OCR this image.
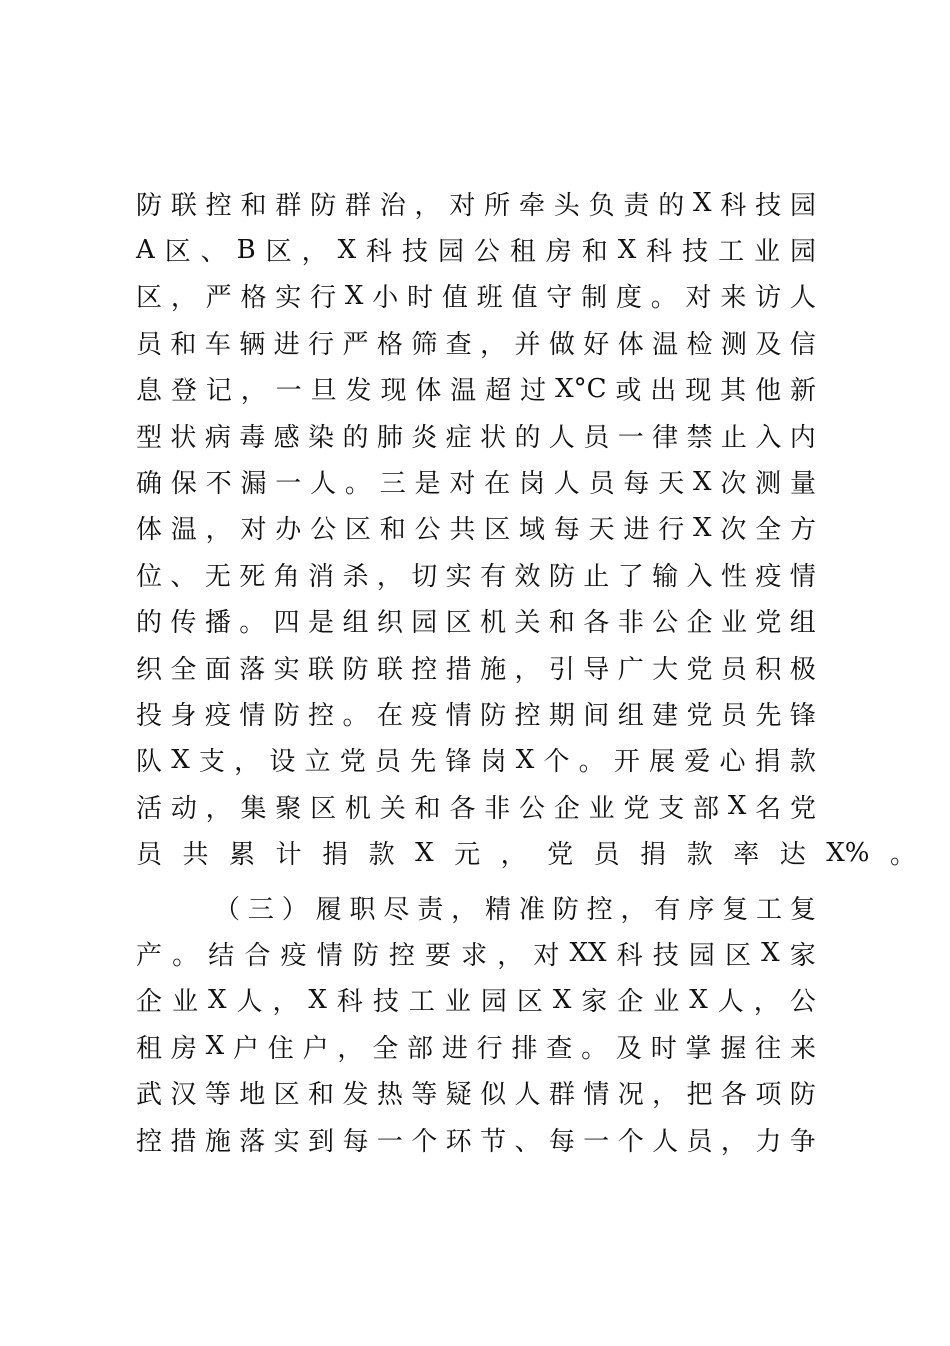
防 联 控 和 群 防 群 治 ， 对 所 牵 头 负 责 的 X 科 技 园
A 区 、 B 区 ， X 科 技 园 公 租 房 和 X 科 技 工 业 园
区 ， 严 格 实 行 X 小 时 值 班 值 守 制 度 。 对 来 访 人
员 和 车 辆 进 行 严 格 筛 查 ， 并 做 好 体 温 检 测 及 信
息 登 记 ， 一 旦 发 现 体 温 超 过 X°C 或 出 现 其 他 新
型 状 病 毒 感 染 的 肺 炎 症 状 的 人 员 一 律 禁 止 入 内
确 保 不 漏 一 人 。 三 是 对 在 岗 人 员 每 天 X 次 测 量
体 温 ， 对 办 公 区 和 公 共 区 域 每 天 进 行 X 次 全 方
位 、 无 死 角 消 杀 ， 切 实 有 效 防 止 了 输 入 性 疫 情
的 传 播 。 四 是 组 织 园 区 机 关 和 各 非 公 企 业 党 组
织 全 面 落 实 联 防 联 控 措 施 ， 引 导 广 大 党 员 积 极
投 身 疫 情 防 控 。 在 疫 情 防 控 期 间 组 建 党 员 先 锋
队 X 支 ， 设 立 党 员 先 锋 岗 X 个 。 开 展 爱 心 捐 款
活 动 ， 集 聚 区 机 关 和 各 非 公 企 业 党 支 部 X 名 党
员 共 累 计 捐 款 X 元 ， 党 员 捐 款 率 达 X% 。
（ 三 ） 履 职 尽 责 ， 精 准 防 控 ， 有 序 复 工 复
产 。 结 合 疫 情 防 控 要 求 ， 对 XX 科 技 园 区 X 家
企 业 X 人 ， X 科 技 工 业 园 区 X 家 企 业 X 人 ， 公
租 房 X 户 住 户 ， 全 部 进 行 排 查 。 及 时 掌 握 往 来
武 汉 等 地 区 和 发 热 等 疑 似 人 群 情 况 ， 把 各 项 防
控 措 施 落 实 到 每 一 个 环 节 、 每 一 个 人 员 ， 力 争
